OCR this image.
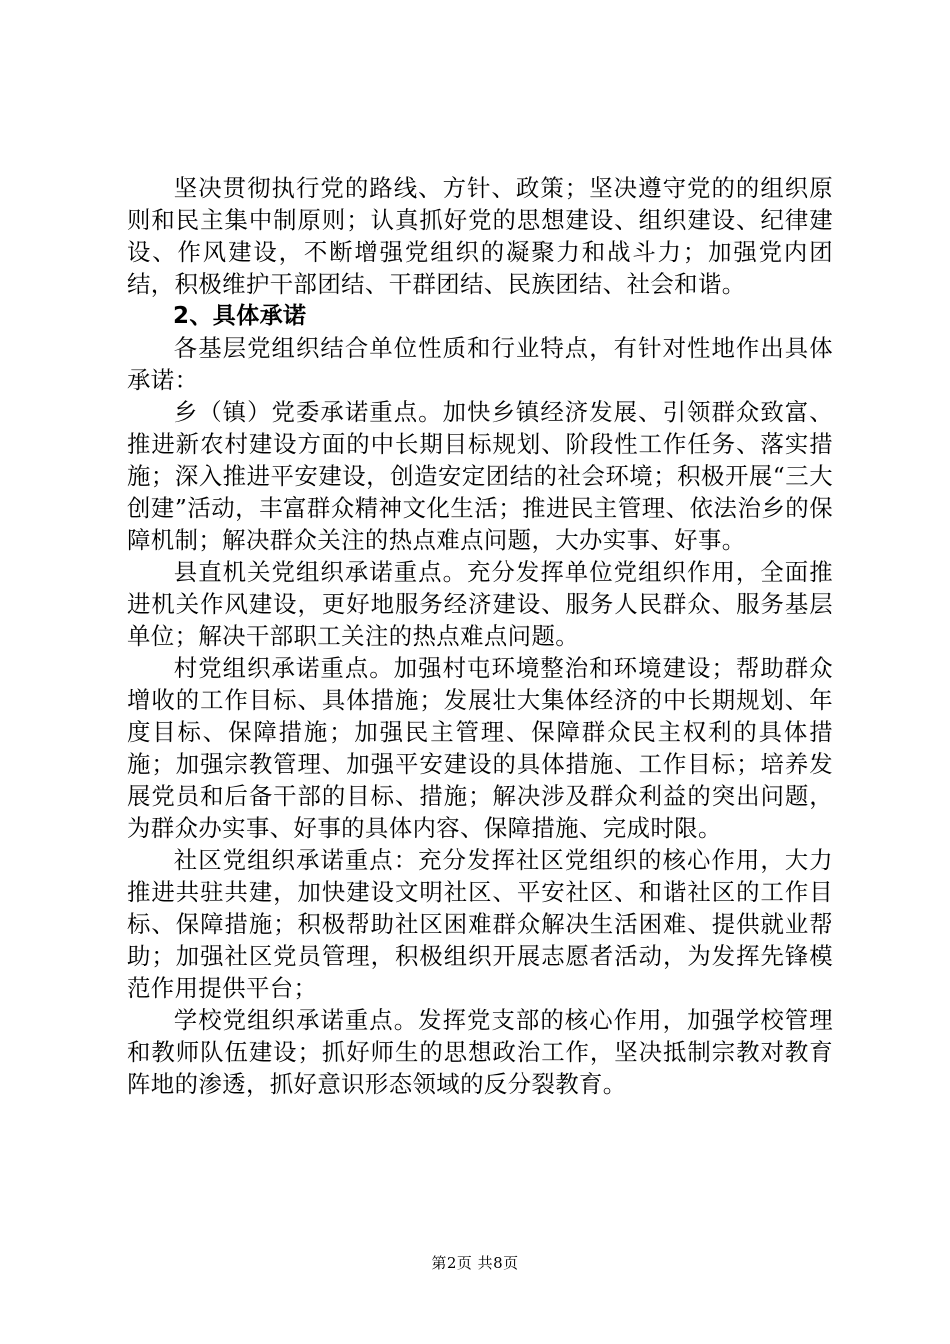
坚决贯彻执行党的路线、方针、政策；坚决遵守党的的组织原则和民主集中制原则；认真抓好党的思想建设、组织建设、纪律建设、作风建设，不断增强党组织的凝聚力和战斗力；加强党内团结，积极维护干部团结、干群团结、民族团结、社会和谐。

2、具体承诺

各基层党组织结合单位性质和行业特点，有针对性地作出具体承诺：

乡（镇）党委承诺重点。加快乡镇经济发展、引领群众致富、推进新农村建设方面的中长期目标规划、阶段性工作任务、落实措施；深入推进平安建设，创造安定团结的社会环境；积极开展“三大创建”活动，丰富群众精神文化生活；推进民主管理、依法治乡的保障机制；解决群众关注的热点难点问题，大办实事、好事。

县直机关党组织承诺重点。充分发挥单位党组织作用，全面推进机关作风建设，更好地服务经济建设、服务人民群众、服务基层单位；解决干部职工关注的热点难点问题。

村党组织承诺重点。加强村屯环境整治和环境建设；帮助群众增收的工作目标、具体措施；发展壮大集体经济的中长期规划、年度目标、保障措施；加强民主管理、保障群众民主权利的具体措施；加强宗教管理、加强平安建设的具体措施、工作目标；培养发展党员和后备干部的目标、措施；解决涉及群众利益的突出问题，为群众办实事、好事的具体内容、保障措施、完成时限。

社区党组织承诺重点：充分发挥社区党组织的核心作用，大力推进共驻共建，加快建设文明社区、平安社区、和谐社区的工作目标、保障措施；积极帮助社区困难群众解决生活困难、提供就业帮助；加强社区党员管理，积极组织开展志愿者活动，为发挥先锋模范作用提供平台；

学校党组织承诺重点。发挥党支部的核心作用，加强学校管理和教师队伍建设；抓好师生的思想政治工作，坚决抵制宗教对教育阵地的渗透，抓好意识形态领域的反分裂教育。

第2页 共8页
